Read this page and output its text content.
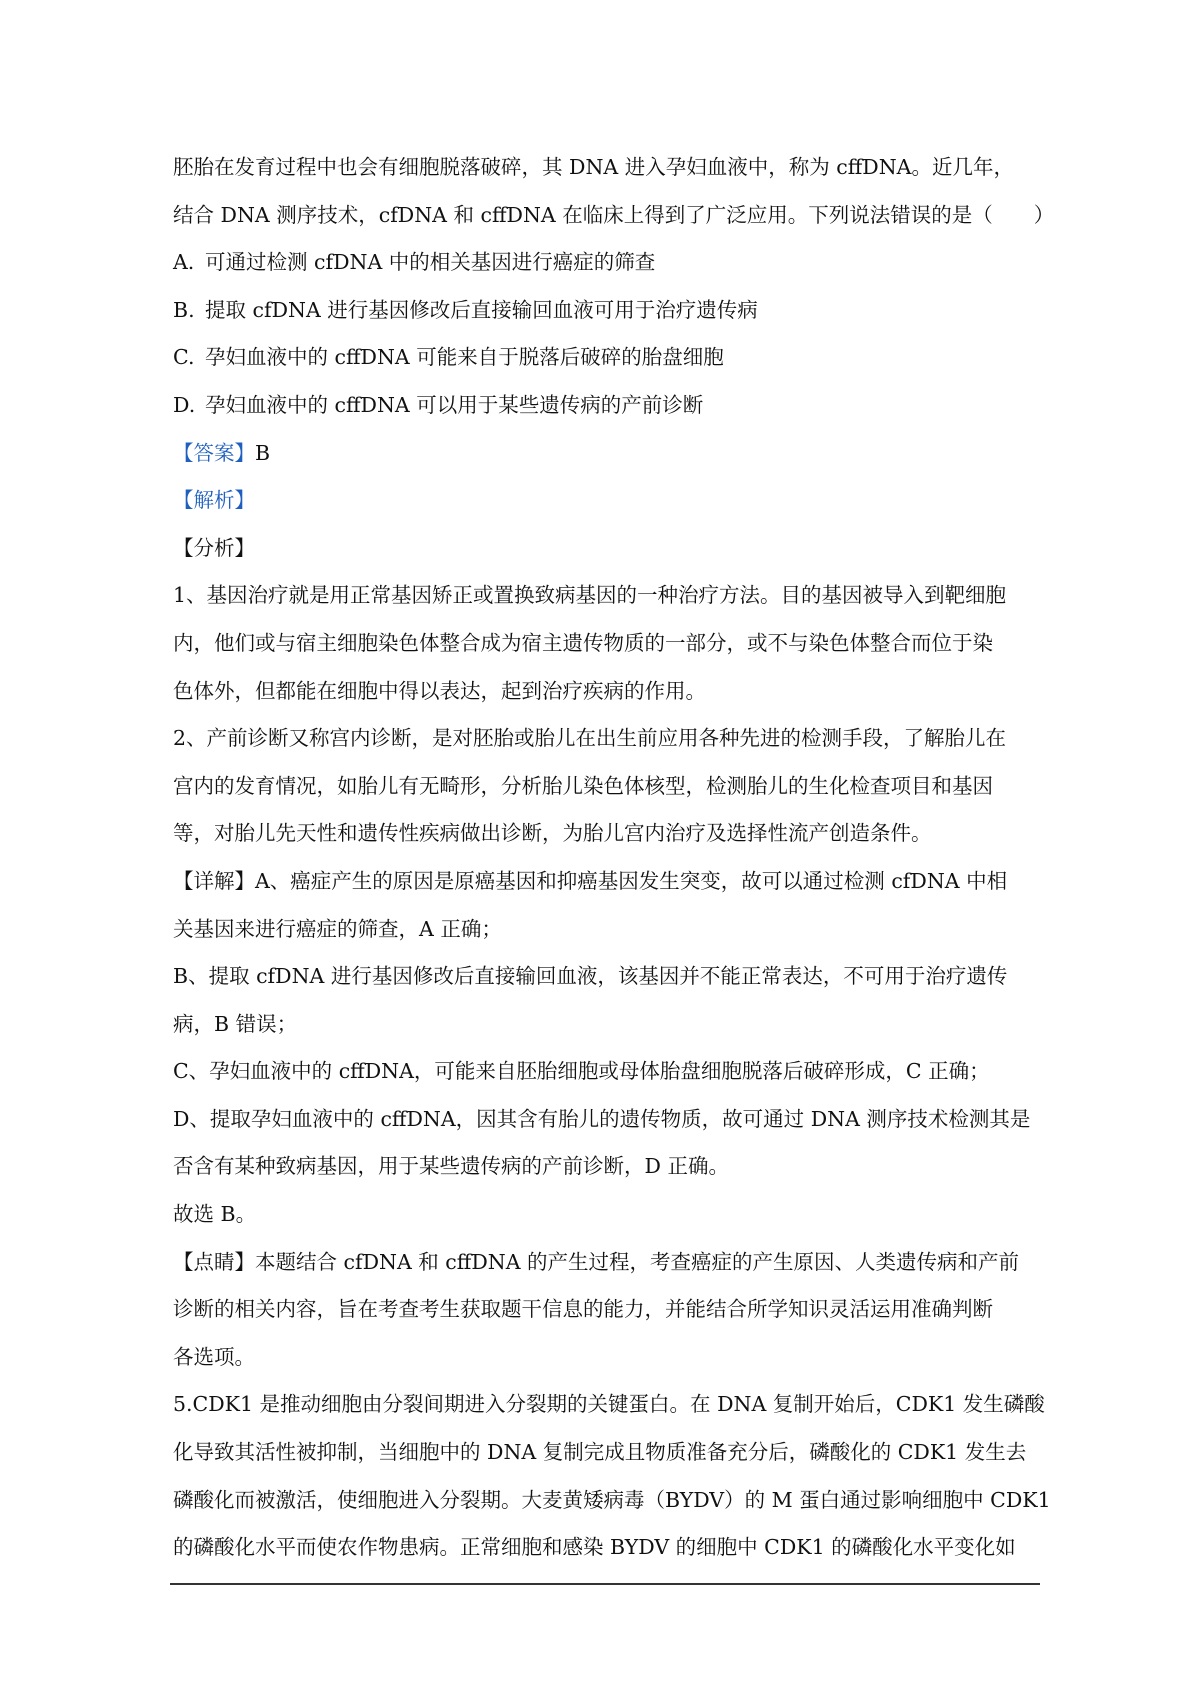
胚胎在发育过程中也会有细胞脱落破碎，其 DNA 进入孕妇血液中，称为 cffDNA。近几年，

结合 DNA 测序技术，cfDNA 和 cffDNA 在临床上得到了广泛应用。下列说法错误的是（　　）

A. 可通过检测 cfDNA 中的相关基因进行癌症的筛查

B. 提取 cfDNA 进行基因修改后直接输回血液可用于治疗遗传病

C. 孕妇血液中的 cffDNA 可能来自于脱落后破碎的胎盘细胞

D. 孕妇血液中的 cffDNA 可以用于某些遗传病的产前诊断

【答案】B

【解析】

【分析】

1、基因治疗就是用正常基因矫正或置换致病基因的一种治疗方法。目的基因被导入到靶细胞

内，他们或与宿主细胞染色体整合成为宿主遗传物质的一部分，或不与染色体整合而位于染

色体外，但都能在细胞中得以表达，起到治疗疾病的作用。

2、产前诊断又称宫内诊断，是对胚胎或胎儿在出生前应用各种先进的检测手段，了解胎儿在

宫内的发育情况，如胎儿有无畸形，分析胎儿染色体核型，检测胎儿的生化检查项目和基因

等，对胎儿先天性和遗传性疾病做出诊断，为胎儿宫内治疗及选择性流产创造条件。

【详解】A、癌症产生的原因是原癌基因和抑癌基因发生突变，故可以通过检测 cfDNA 中相

关基因来进行癌症的筛查，A 正确；

B、提取 cfDNA 进行基因修改后直接输回血液，该基因并不能正常表达，不可用于治疗遗传

病，B 错误；

C、孕妇血液中的 cffDNA，可能来自胚胎细胞或母体胎盘细胞脱落后破碎形成，C 正确；

D、提取孕妇血液中的 cffDNA，因其含有胎儿的遗传物质，故可通过 DNA 测序技术检测其是

否含有某种致病基因，用于某些遗传病的产前诊断，D 正确。

故选 B。

【点睛】本题结合 cfDNA 和 cffDNA 的产生过程，考查癌症的产生原因、人类遗传病和产前

诊断的相关内容，旨在考查考生获取题干信息的能力，并能结合所学知识灵活运用准确判断

各选项。

5.CDK1 是推动细胞由分裂间期进入分裂期的关键蛋白。在 DNA 复制开始后，CDK1 发生磷酸

化导致其活性被抑制，当细胞中的 DNA 复制完成且物质准备充分后，磷酸化的 CDK1 发生去

磷酸化而被激活，使细胞进入分裂期。大麦黄矮病毒（BYDV）的 M 蛋白通过影响细胞中 CDK1

的磷酸化水平而使农作物患病。正常细胞和感染 BYDV 的细胞中 CDK1 的磷酸化水平变化如
